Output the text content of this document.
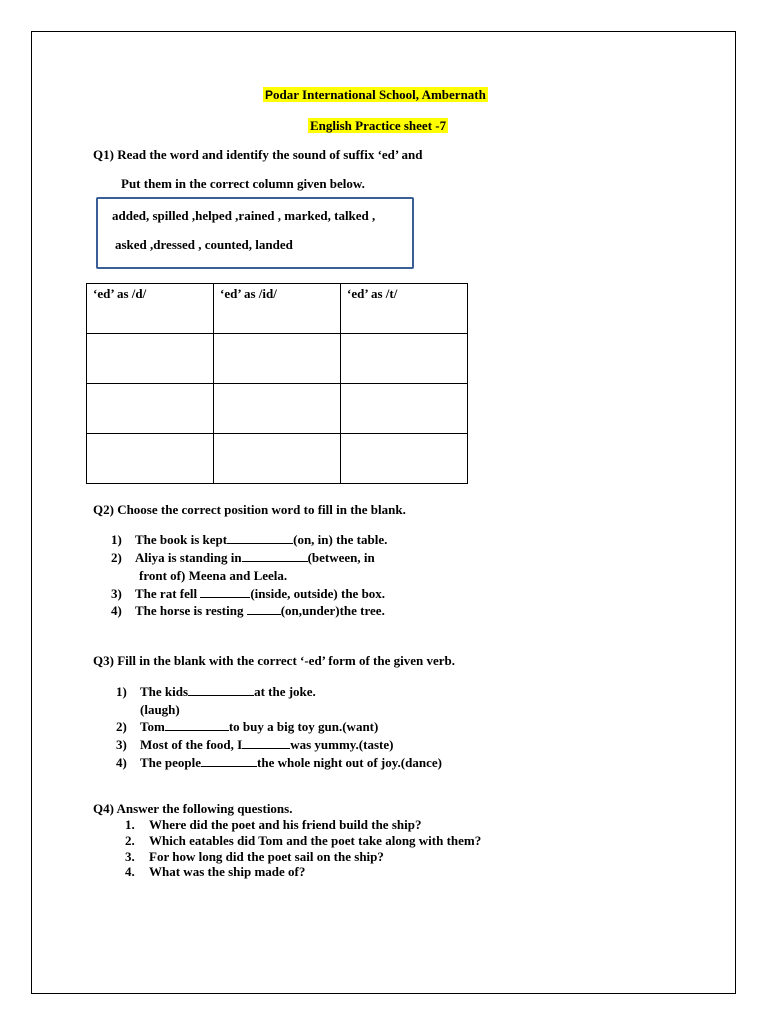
Podar International School, Ambernath
English Practice sheet -7
Q1) Read the word and identify the sound of suffix ‘ed’ and
Put them in the correct column given below.
added, spilled ,helped ,rained , marked, talked ,
asked ,dressed , counted, landed
‘ed’ as /d/	‘ed’ as /id/	‘ed’ as /t/

Q2) Choose the correct position word to fill in the blank.
1) The book is kept	(on, in) the table.
2) Aliya is standing in	(between, in
front of) Meena and Leela.
3) The rat fell	(inside, outside) the box.
4) The horse is resting	(on,under)the tree.
Q3) Fill in the blank with the correct ‘-ed’ form of the given verb.
1) The kids	at the joke.
(laugh)
2) Tom	to buy a big toy gun.(want)
3) Most of the food, I	was yummy.(taste)
4) The people	the whole night out of joy.(dance)
Q4) Answer the following questions.
1. Where did the poet and his friend build the ship?
2. Which eatables did Tom and the poet take along with them?
3. For how long did the poet sail on the ship?
4. What was the ship made of?
